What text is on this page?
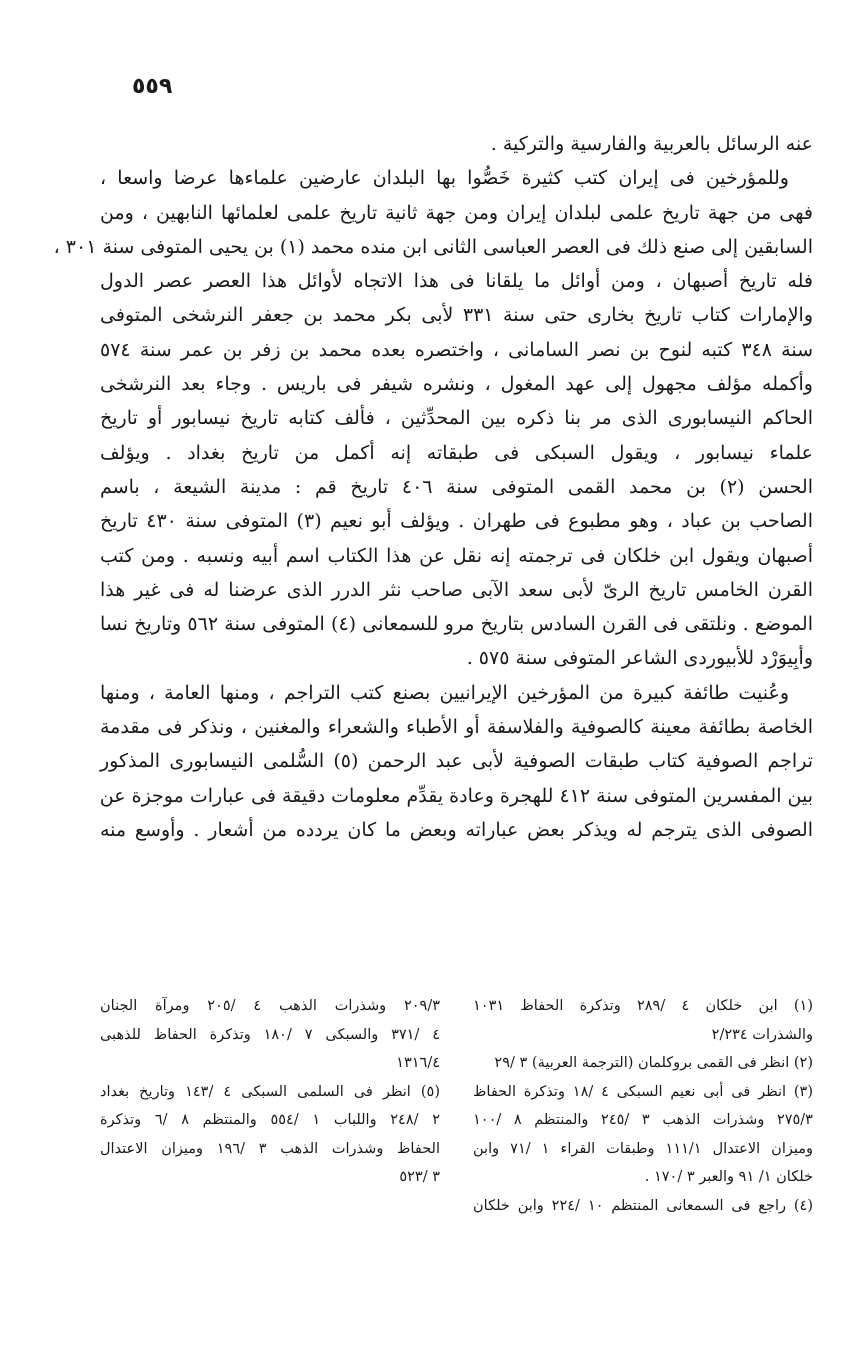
٥٥٩
عنه الرسائل بالعربية والفارسية والتركية .
وللمؤرخين فى إيران كتب كثيرة خَصُّوا بها البلدان عارضين علماءها عرضا واسعا ،
فهى من جهة تاريخ علمى لبلدان إيران ومن جهة ثانية تاريخ علمى لعلمائها النابهين ، ومن
السابقين إلى صنع ذلك فى العصر العباسى الثانى ابن منده محمد (١) بن يحيى المتوفى سنة ٣٠١ ،
فله تاريخ أصبهان ، ومن أوائل ما يلقانا فى هذا الاتجاه لأوائل هذا العصر عصر الدول
والإمارات كتاب تاريخ بخارى حتى سنة ٣٣١ لأبى بكر محمد بن جعفر النرشخى المتوفى
سنة ٣٤٨ كتبه لنوح بن نصر السامانى ، واختصره بعده محمد بن زفر بن عمر سنة ٥٧٤
وأكمله مؤلف مجهول إلى عهد المغول ، ونشره شيفر فى باريس . وجاء بعد النرشخى
الحاكم النيسابورى الذى مر بنا ذكره بين المحدِّثين ، فألف كتابه تاريخ نيسابور أو تاريخ
علماء نيسابور ، ويقول السبكى فى طبقاته إنه أكمل من تاريخ بغداد . ويؤلف
الحسن (٢) بن محمد القمى المتوفى سنة ٤٠٦ تاريخ قم : مدينة الشيعة ، باسم
الصاحب بن عباد ، وهو مطبوع فى طهران . ويؤلف أبو نعيم (٣) المتوفى سنة ٤٣٠ تاريخ
أصبهان ويقول ابن خلكان فى ترجمته إنه نقل عن هذا الكتاب اسم أبيه ونسبه . ومن كتب
القرن الخامس تاريخ الرىّ لأبى سعد الآبى صاحب نثر الدرر الذى عرضنا له فى غير هذا
الموضع . ونلتقى فى القرن السادس بتاريخ مرو للسمعانى (٤) المتوفى سنة ٥٦٢ وتاريخ نسا
وأبِيوَرْد للأبيوردى الشاعر المتوفى سنة ٥٧٥ .
وعُنيت طائفة كبيرة من المؤرخين الإيرانيين بصنع كتب التراجم ، ومنها العامة ، ومنها
الخاصة بطائفة معينة كالصوفية والفلاسفة أو الأطباء والشعراء والمغنين ، ونذكر فى مقدمة
تراجم الصوفية كتاب طبقات الصوفية لأبى عبد الرحمن (٥) السُّلمى النيسابورى المذكور
بين المفسرين المتوفى سنة ٤١٢ للهجرة وعادة يقدِّم معلومات دقيقة فى عبارات موجزة عن
الصوفى الذى يترجم له ويذكر بعض عباراته وبعض ما كان يردده من أشعار . وأوسع منه
(١) ابن خلكان ٤ /٢٨٩ وتذكرة الحفاظ ١٠٣١
والشذرات ٢/٢٣٤
(٢) انظر فى القمى بروكلمان (الترجمة العربية) ٣ /٢٩
(٣) انظر فى أبى نعيم السبكى ٤ /١٨ وتذكرة الحفاظ
٢٧٥/٣ وشذرات الذهب ٣ /٢٤٥ والمنتظم ٨ /١٠٠
وميزان الاعتدال ١١١/١ وطبقات القراء ١ /٧١ وابن
خلكان ١/ ٩١ والعبر ٣ /١٧٠ .
(٤) راجع فى السمعانى المنتظم ١٠ /٢٢٤ وابن خلكان
٢٠٩/٣ وشذرات الذهب ٤ /٢٠٥ ومرآة الجنان
٤ /٣٧١ والسبكى ٧ /١٨٠ وتذكرة الحفاظ للذهبى
١٣١٦/٤
(٥) انظر فى السلمى السبكى ٤ /١٤٣ وتاريخ بغداد
٢ /٢٤٨ واللباب ١ /٥٥٤ والمنتظم ٨ /٦ وتذكرة
الحفاظ وشذرات الذهب ٣ /١٩٦ وميزان الاعتدال
٣ /٥٢٣
